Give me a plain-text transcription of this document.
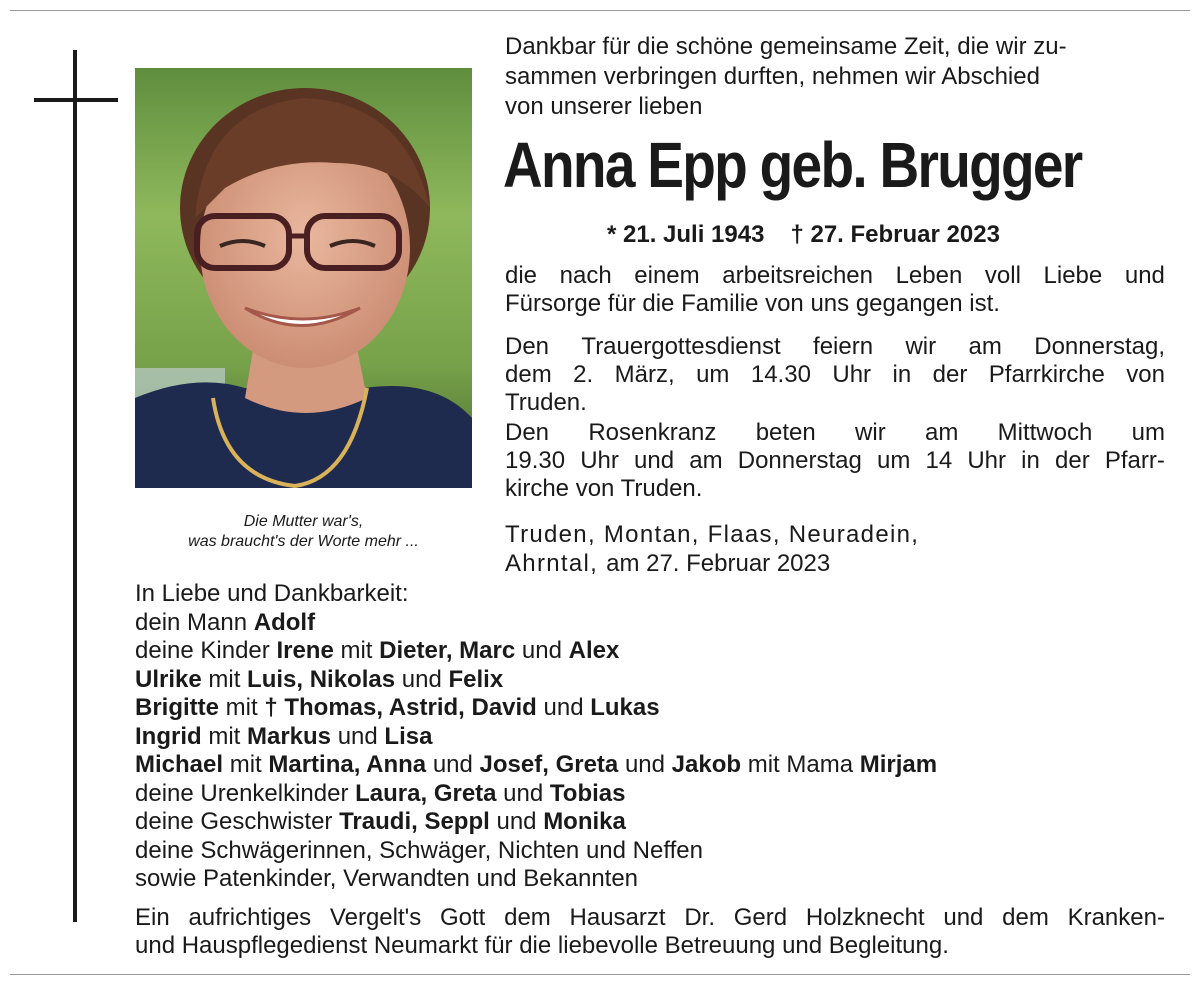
Die Mutter war's,
was braucht's der Worte mehr ...
Dankbar für die schöne gemeinsame Zeit, die wir zu-
sammen verbringen durften, nehmen wir Abschied
von unserer lieben
Anna Epp geb. Brugger
* 21. Juli 1943 † 27. Februar 2023
die nach einem arbeitsreichen Leben voll Liebe und
Fürsorge für die Familie von uns gegangen ist.
Den Trauergottesdienst feiern wir am Donnerstag,
dem 2. März, um 14.30 Uhr in der Pfarrkirche von
Truden.
Den Rosenkranz beten wir am Mittwoch um
19.30 Uhr und am Donnerstag um 14 Uhr in der Pfarr-
kirche von Truden.
Truden, Montan, Flaas, Neuradein,
Ahrntal, am 27. Februar 2023
In Liebe und Dankbarkeit:
dein Mann Adolf
deine Kinder Irene mit Dieter, Marc und Alex
Ulrike mit Luis, Nikolas und Felix
Brigitte mit † Thomas, Astrid, David und Lukas
Ingrid mit Markus und Lisa
Michael mit Martina, Anna und Josef, Greta und Jakob mit Mama Mirjam
deine Urenkelkinder Laura, Greta und Tobias
deine Geschwister Traudi, Seppl und Monika
deine Schwägerinnen, Schwäger, Nichten und Neffen
sowie Patenkinder, Verwandten und Bekannten
Ein aufrichtiges Vergelt's Gott dem Hausarzt Dr. Gerd Holzknecht und dem Kranken-
und Hauspflegedienst Neumarkt für die liebevolle Betreuung und Begleitung.
